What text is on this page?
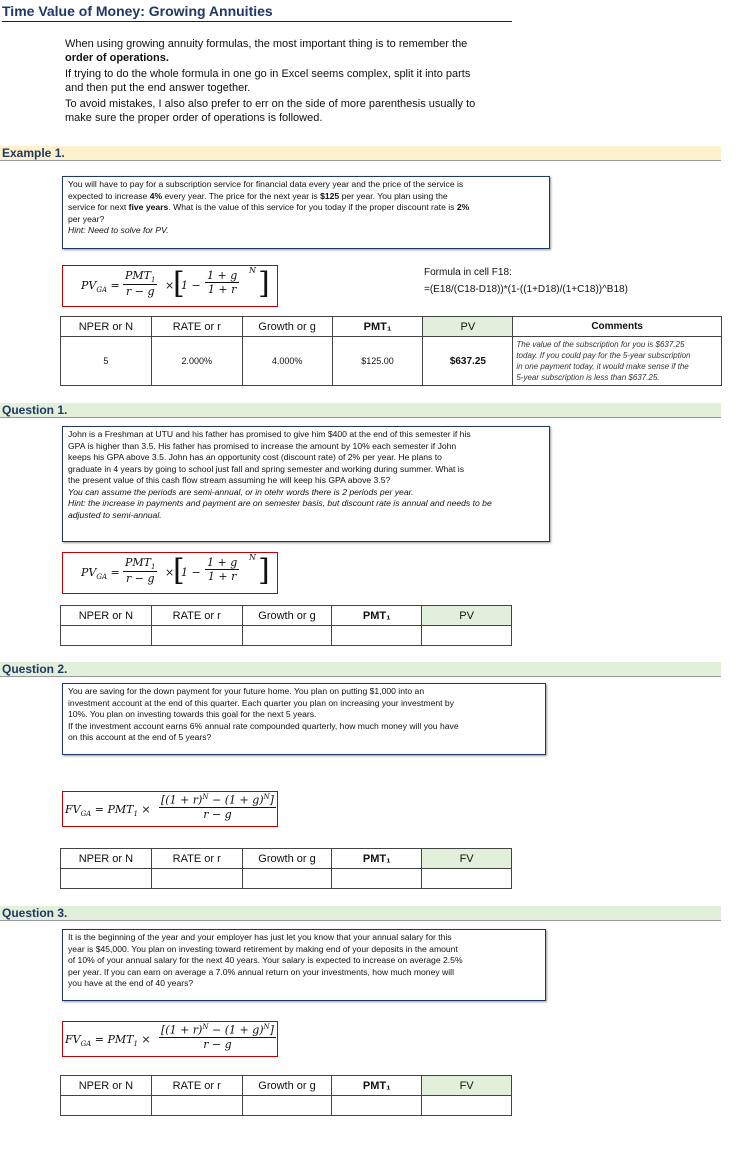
Time Value of Money: Growing Annuities
When using growing annuity formulas, the most important thing is to remember the
order of operations.
If trying to do the whole formula in one go in Excel seems complex, split it into parts
and then put the end answer together.
To avoid mistakes, I also also prefer to err on the side of more parenthesis usually to
make sure the proper order of operations is followed.
Example 1.
You will have to pay for a subscription service for financial data every year and the price of the service is
expected to increase 4% every year. The price for the next year is $125 per year. You plan using the
service for next five years. What is the value of this service for you today if the proper discount rate is 2%
per year?
Hint: Need to solve for PV.
$PV_{GA}$ =
$PMT_1$
r − g ×
[
$1 - \frac{1 + g}{1 + r}$ N ]	Formula in cell F18:
=(E18/(C18-D18))*(1-((1+D18)/(1+C18))^B18)
NPER or N	RATE or r	Growth or g	PMT₁	PV	Comments
5	2.000%	4.000%	$125.00	$637.25	The value of the subscription for you is $637.25
today. If you could pay for the 5-year subscription
in one payment today, it would make sense if the
5-year subscription is less than $637.25.
Question 1.
John is a Freshman at UTU and his father has promised to give him $400 at the end of this semester if his
GPA is higher than 3.5. His father has promised to increase the amount by 10% each semester if John
keeps his GPA above 3.5. John has an opportunity cost (discount rate) of 2% per year. He plans to
graduate in 4 years by going to school just fall and spring semester and working during summer. What is
the present value of this cash flow stream assuming he will keep his GPA above 3.5?
You can assume the periods are semi-annual, or in otehr words there is 2 periods per year.
Hint: the increase in payments and payment are on semester basis, but discount rate is annual and needs to be
adjusted to semi-annual.
$PV_{GA}$ =
$PMT_1$
r − g ×
[
$1 - \frac{1 + g}{1 + r}$ N ]
NPER or N	RATE or r	Growth or g	PMT₁	PV

Question 2.
You are saving for the down payment for your future home. You plan on putting $1,000 into an
investment account at the end of this quarter. Each quarter you plan on increasing your investment by
10%. You plan on investing towards this goal for the next 5 years.
If the investment account earns 6% annual rate compounded quarterly, how much money will you have
on this account at the end of 5 years?
$FV_{GA} = PMT_1 \times \frac{[(1 + r)^N - (1 + g)^N]}{r - g}$
NPER or N	RATE or r	Growth or g	PMT₁	FV

Question 3.
It is the beginning of the year and your employer has just let you know that your annual salary for this
year is $45,000. You plan on investing toward retirement by making end of your deposits in the amount
of 10% of your annual salary for the next 40 years. Your salary is expected to increase on average 2.5%
per year. If you can earn on average a 7.0% annual return on your investments, how much money will
you have at the end of 40 years?
$FV_{GA} = PMT_1 \times \frac{[(1 + r)^N - (1 + g)^N]}{r - g}$
NPER or N	RATE or r	Growth or g	PMT₁	FV
